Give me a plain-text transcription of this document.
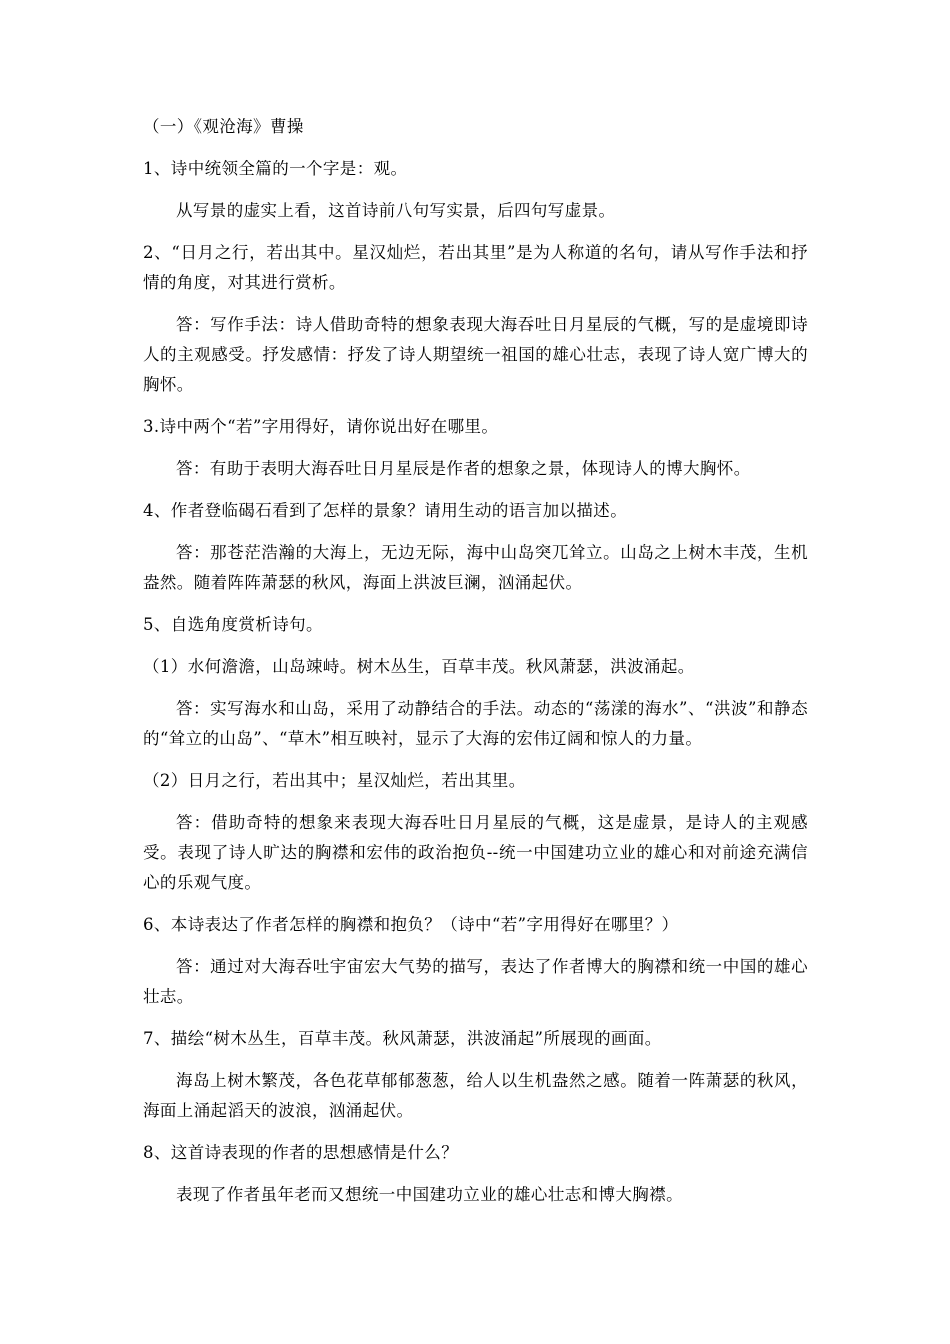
（一）《观沧海》曹操

1、诗中统领全篇的一个字是：观。

从写景的虚实上看，这首诗前八句写实景，后四句写虚景。

2、“日月之行，若出其中。星汉灿烂，若出其里”是为人称道的名句，请从写作手法和抒情的角度，对其进行赏析。

答：写作手法：诗人借助奇特的想象表现大海吞吐日月星辰的气概，写的是虚境即诗人的主观感受。抒发感情：抒发了诗人期望统一祖国的雄心壮志，表现了诗人宽广博大的胸怀。

3.诗中两个“若”字用得好，请你说出好在哪里。

答：有助于表明大海吞吐日月星辰是作者的想象之景，体现诗人的博大胸怀。

4、作者登临碣石看到了怎样的景象？请用生动的语言加以描述。

答：那苍茫浩瀚的大海上，无边无际，海中山岛突兀耸立。山岛之上树木丰茂，生机盎然。随着阵阵萧瑟的秋风，海面上洪波巨澜，汹涌起伏。

5、自选角度赏析诗句。

（1）水何澹澹，山岛竦峙。树木丛生，百草丰茂。秋风萧瑟，洪波涌起。

答：实写海水和山岛，采用了动静结合的手法。动态的“荡漾的海水”、“洪波”和静态的“耸立的山岛”、“草木”相互映衬，显示了大海的宏伟辽阔和惊人的力量。

（2）日月之行，若出其中；星汉灿烂，若出其里。

答：借助奇特的想象来表现大海吞吐日月星辰的气概，这是虚景，是诗人的主观感受。表现了诗人旷达的胸襟和宏伟的政治抱负--统一中国建功立业的雄心和对前途充满信心的乐观气度。

6、本诗表达了作者怎样的胸襟和抱负？（诗中“若”字用得好在哪里？）

答：通过对大海吞吐宇宙宏大气势的描写，表达了作者博大的胸襟和统一中国的雄心壮志。

7、描绘“树木丛生，百草丰茂。秋风萧瑟，洪波涌起”所展现的画面。

海岛上树木繁茂，各色花草郁郁葱葱，给人以生机盎然之感。随着一阵萧瑟的秋风，海面上涌起滔天的波浪，汹涌起伏。

8、这首诗表现的作者的思想感情是什么？

表现了作者虽年老而又想统一中国建功立业的雄心壮志和博大胸襟。
